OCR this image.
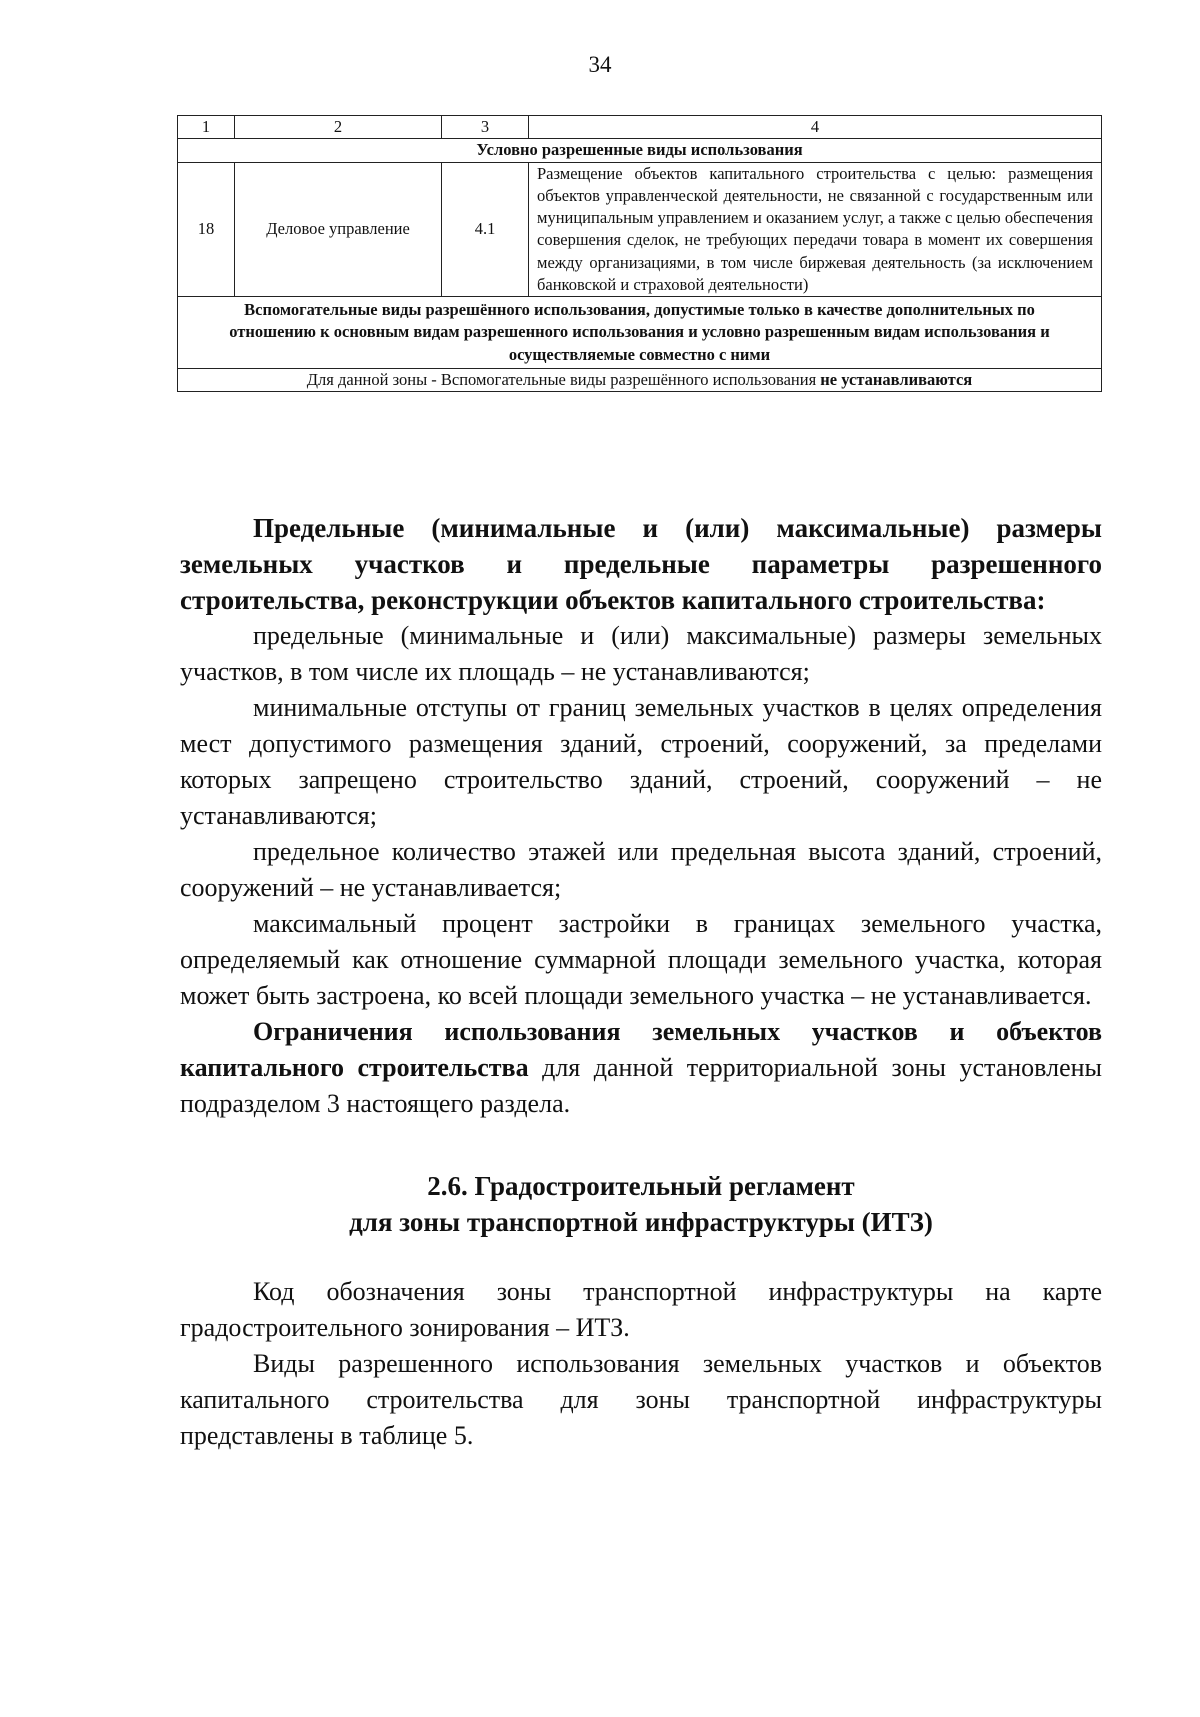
34
1	2	3	4
Условно разрешенные виды использования			
18	Деловое управление	4.1	Размещение объектов капитального строительства с целью: размещения объектов управленческой деятельности, не связанной с государственным или муниципальным управлением и оказанием услуг, а также с целью обеспечения совершения сделок, не требующих передачи товара в момент их совершения между организациями, в том числе биржевая деятельность (за исключением банковской и страховой деятельности)
Вспомогательные виды разрешённого использования, допустимые только в качестве дополнительных по отношению к основным видам разрешенного использования и условно разрешенным видам использования и осуществляемые совместно с ними			
Для данной зоны - Вспомогательные виды разрешённого использования не устанавливаются			

Предельные (минимальные и (или) максимальные) размеры земельных участков и предельные параметры разрешенного строительства, реконструкции объектов капитального строительства:

предельные (минимальные и (или) максимальные) размеры земельных участков, в том числе их площадь – не устанавливаются;

минимальные отступы от границ земельных участков в целях определения мест допустимого размещения зданий, строений, сооружений, за пределами которых запрещено строительство зданий, строений, сооружений – не устанавливаются;

предельное количество этажей или предельная высота зданий, строений, сооружений – не устанавливается;

максимальный процент застройки в границах земельного участка, определяемый как отношение суммарной площади земельного участка, которая может быть застроена, ко всей площади земельного участка – не устанавливается.

Ограничения использования земельных участков и объектов капитального строительства для данной территориальной зоны установлены подразделом 3 настоящего раздела.

2.6. Градостроительный регламент
для зоны транспортной инфраструктуры (ИТЗ)

Код обозначения зоны транспортной инфраструктуры на карте градостроительного зонирования – ИТЗ.

Виды разрешенного использования земельных участков и объектов капитального строительства для зоны транспортной инфраструктуры представлены в таблице 5.
